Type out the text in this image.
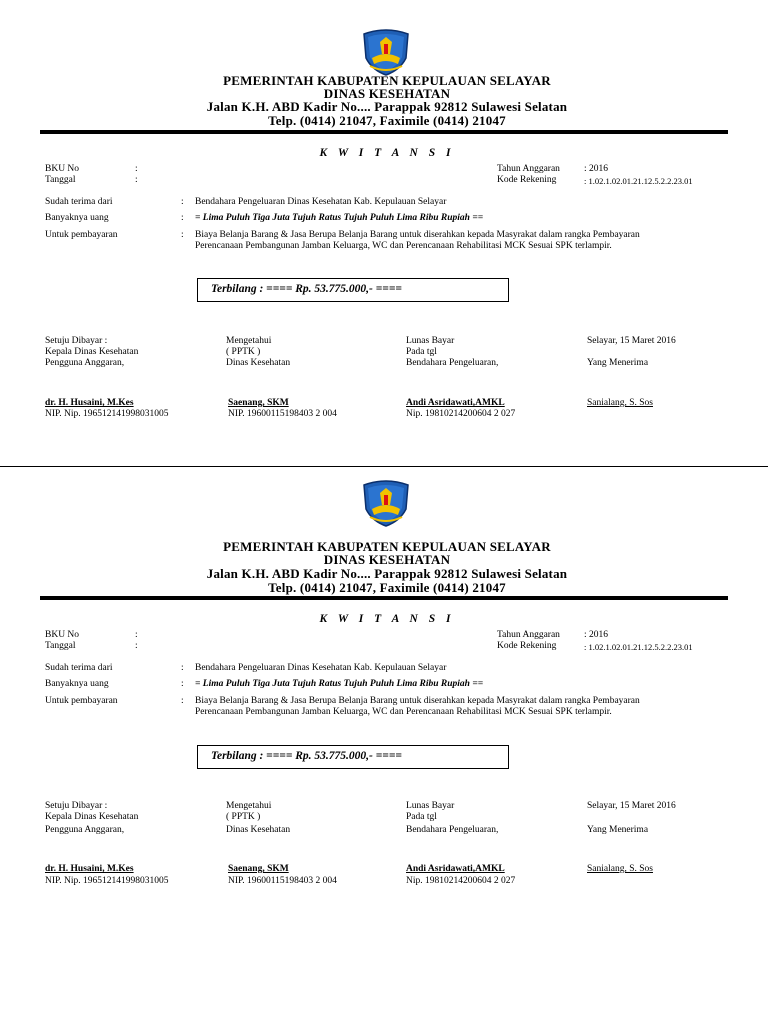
PEMERINTAH KABUPATEN KEPULAUAN SELAYAR
DINAS KESEHATAN
Jalan K.H. ABD Kadir No.... Parappak 92812 Sulawesi Selatan
Telp. (0414) 21047, Faximile (0414) 21047
K W I T A N S I
BKU No	:
Tanggal	:
Tahun Anggaran	: 2016
Kode Rekening	: 1.02.1.02.01.21.12.5.2.2.23.01
Sudah terima dari	: Bendahara Pengeluaran Dinas Kesehatan Kab. Kepulauan Selayar
Banyaknya uang	: = Lima Puluh Tiga Juta Tujuh Ratus Tujuh Puluh Lima Ribu Rupiah ==
Untuk pembayaran	: Biaya Belanja Barang & Jasa Berupa Belanja Barang untuk diserahkan kepada Masyrakat dalam rangka Pembayaran
Perencanaan Pembangunan Jamban Keluarga, WC dan Perencanaan Rehabilitasi MCK Sesuai SPK terlampir.
Terbilang : ==== Rp. 53.775.000,- ====
Setuju Dibayar :
Kepala Dinas Kesehatan
Pengguna Anggaran,
dr. H. Husaini, M.Kes
NIP. Nip. 196512141998031005
Mengetahui
( PPTK )
Dinas Kesehatan
Saenang, SKM
NIP. 19600115198403 2 004
Lunas Bayar
Pada tgl
Bendahara Pengeluaran,
Andi Asridawati,AMKL
Nip. 19810214200604 2 027
Selayar, 15 Maret 2016
Yang Menerima
Sanialang, S. Sos
PEMERINTAH KABUPATEN KEPULAUAN SELAYAR
DINAS KESEHATAN
Jalan K.H. ABD Kadir No.... Parappak 92812 Sulawesi Selatan
Telp. (0414) 21047, Faximile (0414) 21047
K W I T A N S I
BKU No	:
Tanggal	:
Tahun Anggaran	: 2016
Kode Rekening	: 1.02.1.02.01.21.12.5.2.2.23.01
Sudah terima dari	: Bendahara Pengeluaran Dinas Kesehatan Kab. Kepulauan Selayar
Banyaknya uang	: = Lima Puluh Tiga Juta Tujuh Ratus Tujuh Puluh Lima Ribu Rupiah ==
Untuk pembayaran	: Biaya Belanja Barang & Jasa Berupa Belanja Barang untuk diserahkan kepada Masyrakat dalam rangka Pembayaran
Perencanaan Pembangunan Jamban Keluarga, WC dan Perencanaan Rehabilitasi MCK Sesuai SPK terlampir.
Terbilang : ==== Rp. 53.775.000,- ====
Setuju Dibayar :
Kepala Dinas Kesehatan
Pengguna Anggaran,
dr. H. Husaini, M.Kes
NIP. Nip. 196512141998031005
Mengetahui
( PPTK )
Dinas Kesehatan
Saenang, SKM
NIP. 19600115198403 2 004
Lunas Bayar
Pada tgl
Bendahara Pengeluaran,
Andi Asridawati,AMKL
Nip. 19810214200604 2 027
Selayar, 15 Maret 2016
Yang Menerima
Sanialang, S. Sos
